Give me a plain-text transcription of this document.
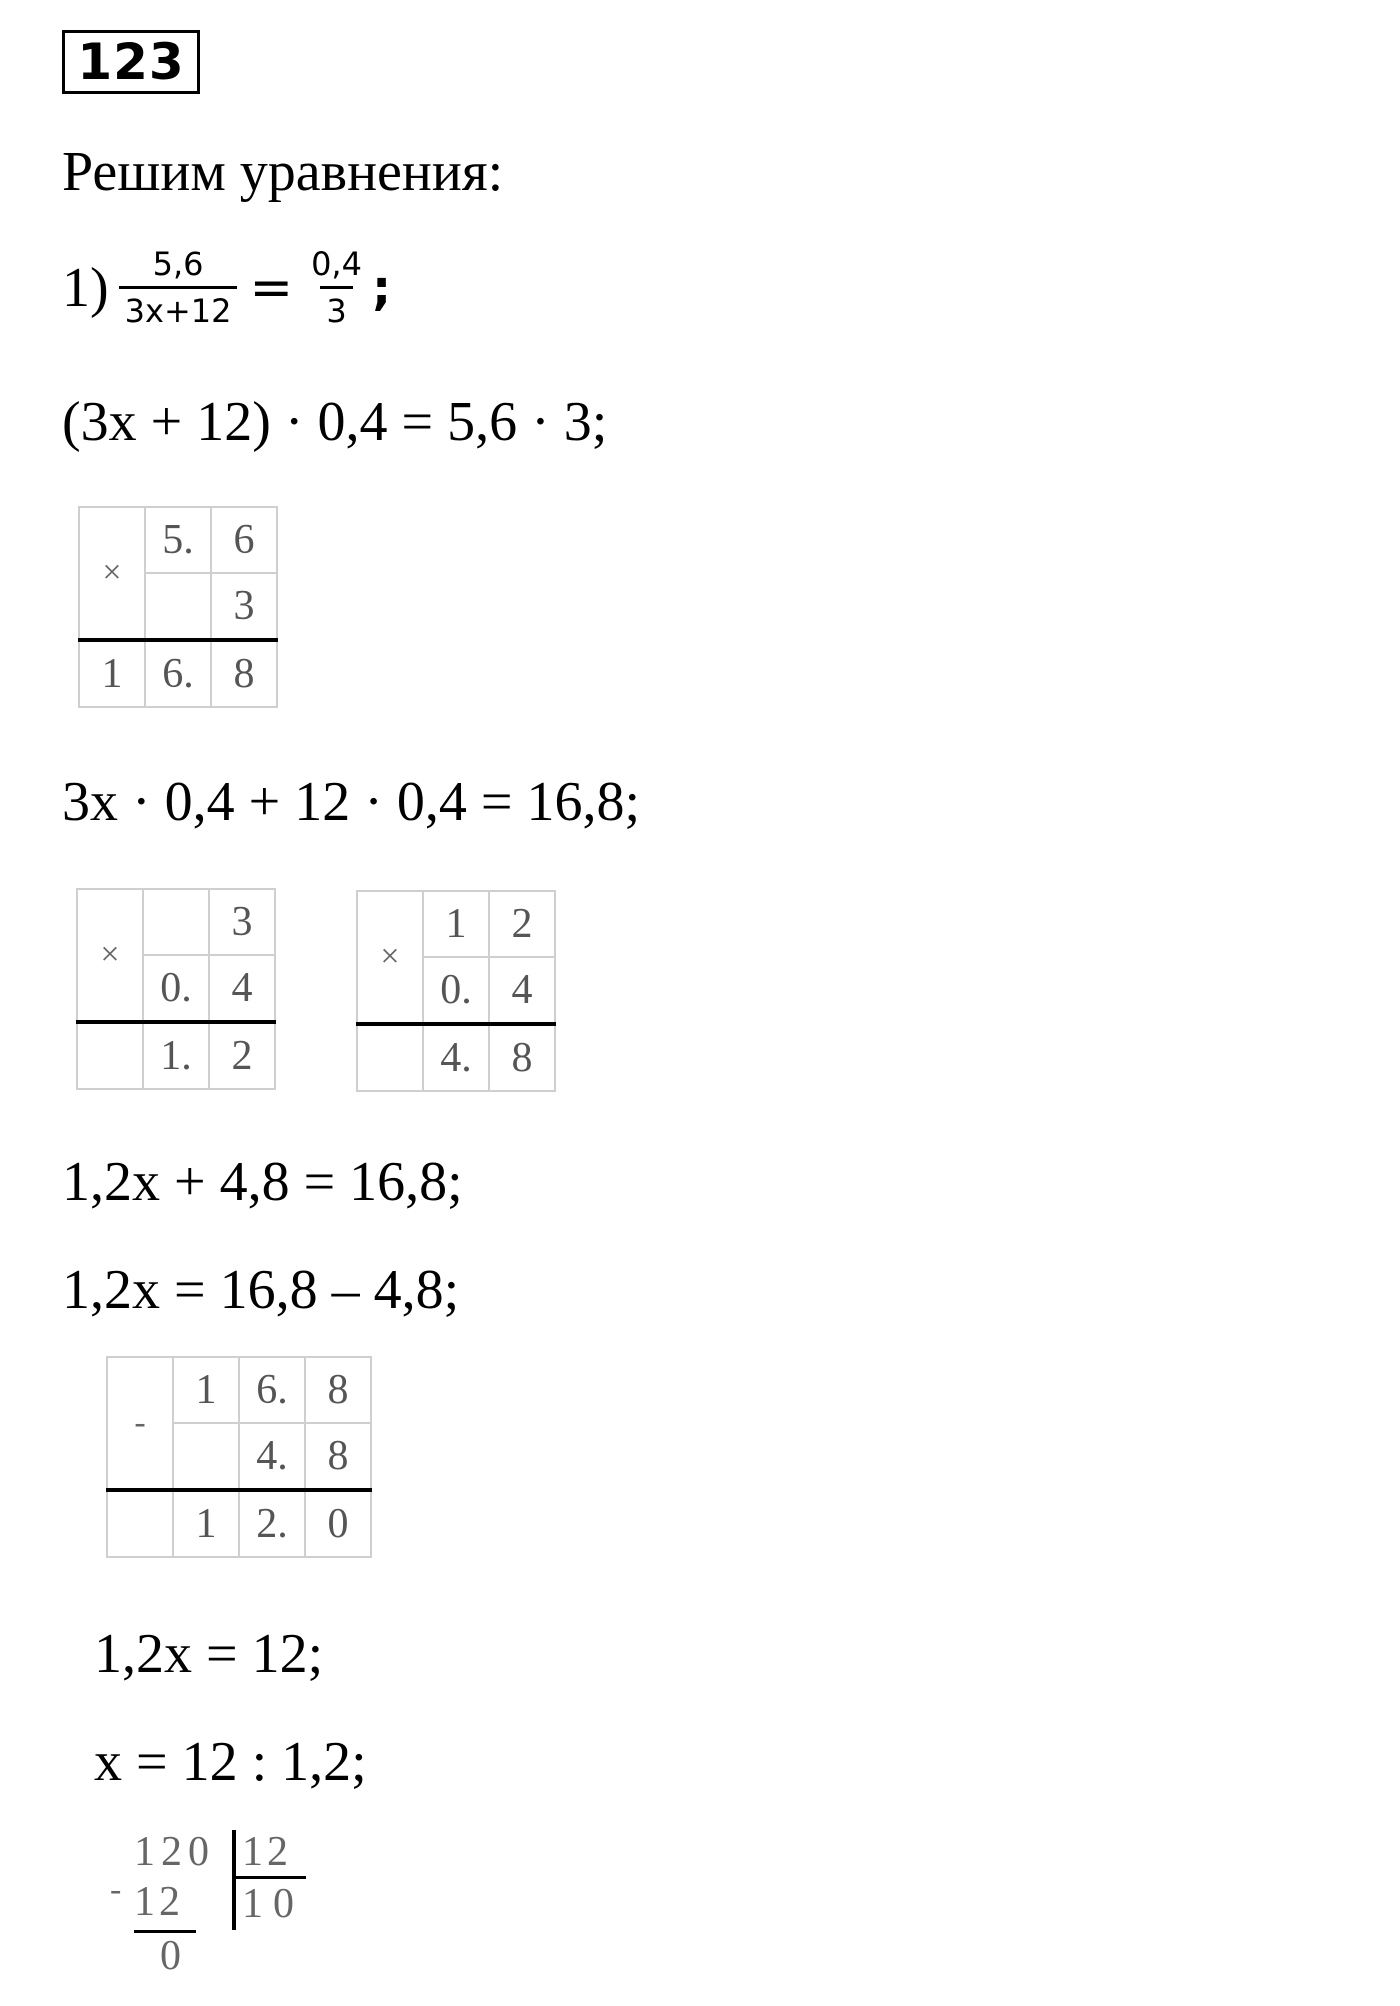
123
Решим уравнения:
$1) \frac{5,6}{3x+12} = \frac{0,4}{3}$ ;
(3x + 12) · 0,4 = 5,6 · 3;
×	5.	6
		3
1	6.	8
3x · 0,4 + 12 · 0,4 = 16,8;
×		3
	0.	4
	1.	2
×	1	2
	0.	4
	4.	8
1,2x + 4,8 = 16,8;
1,2x = 16,8 – 4,8;
-	1	6.	8
		4.	8
	1	2.	0
1,2x = 12;
x = 12 : 1,2;
-
120 12
12 10
0
